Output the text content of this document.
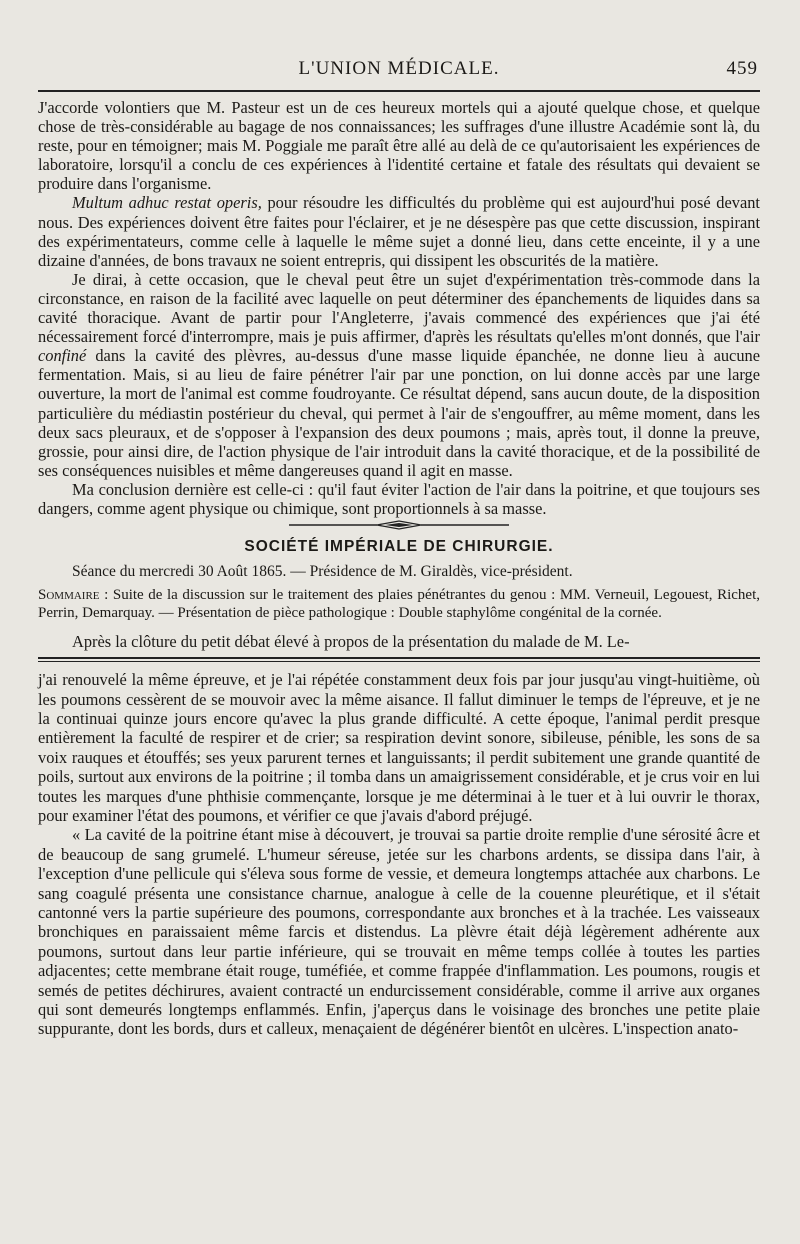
L'UNION MÉDICALE.	459

J'accorde volontiers que M. Pasteur est un de ces heureux mortels qui a ajouté quelque chose, et quelque chose de très-considérable au bagage de nos connaissances; les suffrages d'une illustre Académie sont là, du reste, pour en témoigner; mais M. Poggiale me paraît être allé au delà de ce qu'autorisaient les expériences de laboratoire, lorsqu'il a conclu de ces expériences à l'identité certaine et fatale des résultats qui devaient se produire dans l'organisme.

Multum adhuc restat operis, pour résoudre les difficultés du problème qui est aujourd'hui posé devant nous. Des expériences doivent être faites pour l'éclairer, et je ne désespère pas que cette discussion, inspirant des expérimentateurs, comme celle à laquelle le même sujet a donné lieu, dans cette enceinte, il y a une dizaine d'années, de bons travaux ne soient entrepris, qui dissipent les obscurités de la matière.

Je dirai, à cette occasion, que le cheval peut être un sujet d'expérimentation très-commode dans la circonstance, en raison de la facilité avec laquelle on peut déterminer des épanchements de liquides dans sa cavité thoracique. Avant de partir pour l'Angleterre, j'avais commencé des expériences que j'ai été nécessairement forcé d'interrompre, mais je puis affirmer, d'après les résultats qu'elles m'ont donnés, que l'air confiné dans la cavité des plèvres, au-dessus d'une masse liquide épanchée, ne donne lieu à aucune fermentation. Mais, si au lieu de faire pénétrer l'air par une ponction, on lui donne accès par une large ouverture, la mort de l'animal est comme foudroyante. Ce résultat dépend, sans aucun doute, de la disposition particulière du médiastin postérieur du cheval, qui permet à l'air de s'engouffrer, au même moment, dans les deux sacs pleuraux, et de s'opposer à l'expansion des deux poumons ; mais, après tout, il donne la preuve, grossie, pour ainsi dire, de l'action physique de l'air introduit dans la cavité thoracique, et de la possibilité de ses conséquences nuisibles et même dangereuses quand il agit en masse.

Ma conclusion dernière est celle-ci : qu'il faut éviter l'action de l'air dans la poitrine, et que toujours ses dangers, comme agent physique ou chimique, sont proportionnels à sa masse.

SOCIÉTÉ IMPÉRIALE DE CHIRURGIE.

Séance du mercredi 30 Août 1865. — Présidence de M. Giraldès, vice-président.

Sommaire : Suite de la discussion sur le traitement des plaies pénétrantes du genou : MM. Verneuil, Legouest, Richet, Perrin, Demarquay. — Présentation de pièce pathologique : Double staphylôme congénital de la cornée.

Après la clôture du petit débat élevé à propos de la présentation du malade de M. Le-

j'ai renouvelé la même épreuve, et je l'ai répétée constamment deux fois par jour jusqu'au vingt-huitième, où les poumons cessèrent de se mouvoir avec la même aisance. Il fallut diminuer le temps de l'épreuve, et je ne la continuai quinze jours encore qu'avec la plus grande difficulté. A cette époque, l'animal perdit presque entièrement la faculté de respirer et de crier; sa respiration devint sonore, sibileuse, pénible, les sons de sa voix rauques et étouffés; ses yeux parurent ternes et languissants; il perdit subitement une grande quantité de poils, surtout aux environs de la poitrine ; il tomba dans un amaigrissement considérable, et je crus voir en lui toutes les marques d'une phthisie commençante, lorsque je me déterminai à le tuer et à lui ouvrir le thorax, pour examiner l'état des poumons, et vérifier ce que j'avais d'abord préjugé.

« La cavité de la poitrine étant mise à découvert, je trouvai sa partie droite remplie d'une sérosité âcre et de beaucoup de sang grumelé. L'humeur séreuse, jetée sur les charbons ardents, se dissipa dans l'air, à l'exception d'une pellicule qui s'éleva sous forme de vessie, et demeura longtemps attachée aux charbons. Le sang coagulé présenta une consistance charnue, analogue à celle de la couenne pleurétique, et il s'était cantonné vers la partie supérieure des poumons, correspondante aux bronches et à la trachée. Les vaisseaux bronchiques en paraissaient même farcis et distendus. La plèvre était déjà légèrement adhérente aux poumons, surtout dans leur partie inférieure, qui se trouvait en même temps collée à toutes les parties adjacentes; cette membrane était rouge, tuméfiée, et comme frappée d'inflammation. Les poumons, rougis et semés de petites déchirures, avaient contracté un endurcissement considérable, comme il arrive aux organes qui sont demeurés longtemps enflammés. Enfin, j'aperçus dans le voisinage des bronches une petite plaie suppurante, dont les bords, durs et calleux, menaçaient de dégénérer bientôt en ulcères. L'inspection anato-
